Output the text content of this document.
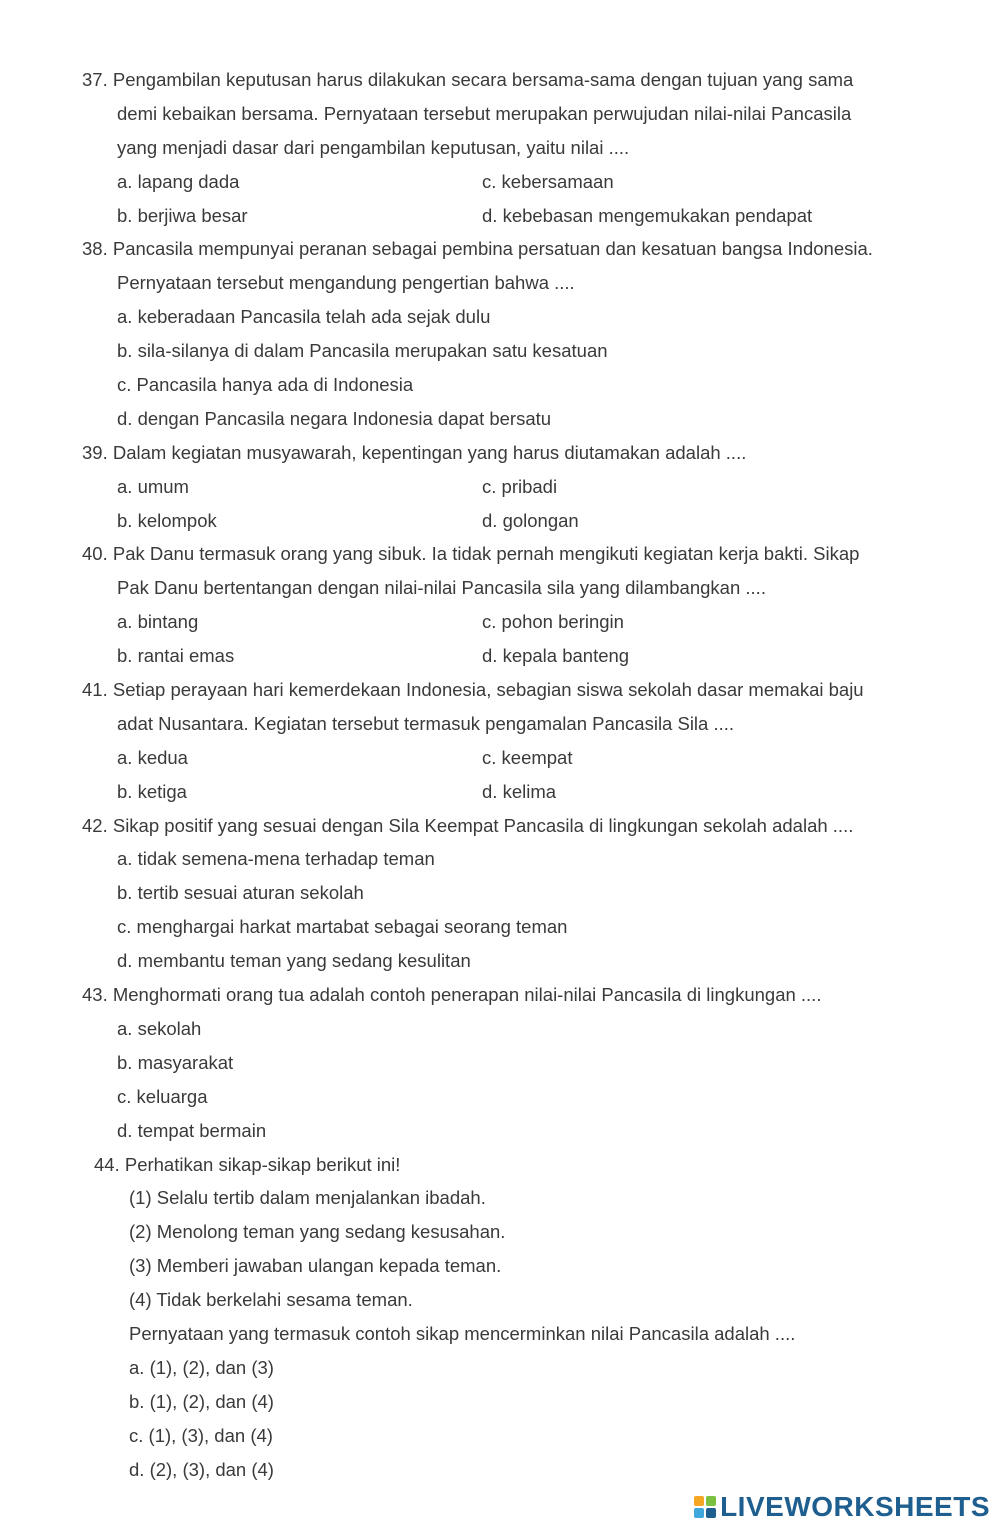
37. Pengambilan keputusan harus dilakukan secara bersama-sama dengan tujuan yang sama
demi kebaikan bersama. Pernyataan tersebut merupakan perwujudan nilai-nilai Pancasila
yang menjadi dasar dari pengambilan keputusan, yaitu nilai ....
a. lapang dada	c. kebersamaan
b. berjiwa besar	d. kebebasan mengemukakan pendapat
38. Pancasila mempunyai peranan sebagai pembina persatuan dan kesatuan bangsa Indonesia.
Pernyataan tersebut mengandung pengertian bahwa ....
a. keberadaan Pancasila telah ada sejak dulu
b. sila-silanya di dalam Pancasila merupakan satu kesatuan
c. Pancasila hanya ada di Indonesia
d. dengan Pancasila negara Indonesia dapat bersatu
39. Dalam kegiatan musyawarah, kepentingan yang harus diutamakan adalah ....
a. umum	c. pribadi
b. kelompok	d. golongan
40. Pak Danu termasuk orang yang sibuk. Ia tidak pernah mengikuti kegiatan kerja bakti. Sikap
Pak Danu bertentangan dengan nilai-nilai Pancasila sila yang dilambangkan ....
a. bintang	c. pohon beringin
b. rantai emas	d. kepala banteng
41. Setiap perayaan hari kemerdekaan Indonesia, sebagian siswa sekolah dasar memakai baju
adat Nusantara. Kegiatan tersebut termasuk pengamalan Pancasila Sila ....
a. kedua	c. keempat
b. ketiga	d. kelima
42. Sikap positif yang sesuai dengan Sila Keempat Pancasila di lingkungan sekolah adalah ....
a. tidak semena-mena terhadap teman
b. tertib sesuai aturan sekolah
c. menghargai harkat martabat sebagai seorang teman
d. membantu teman yang sedang kesulitan
43. Menghormati orang tua adalah contoh penerapan nilai-nilai Pancasila di lingkungan ....
a. sekolah
b. masyarakat
c. keluarga
d. tempat bermain
44. Perhatikan sikap-sikap berikut ini!
(1) Selalu tertib dalam menjalankan ibadah.
(2) Menolong teman yang sedang kesusahan.
(3) Memberi jawaban ulangan kepada teman.
(4) Tidak berkelahi sesama teman.
Pernyataan yang termasuk contoh sikap mencerminkan nilai Pancasila adalah ....
a. (1), (2), dan (3)
b. (1), (2), dan (4)
c. (1), (3), dan (4)
d. (2), (3), dan (4)
LIVEWORKSHEETS
